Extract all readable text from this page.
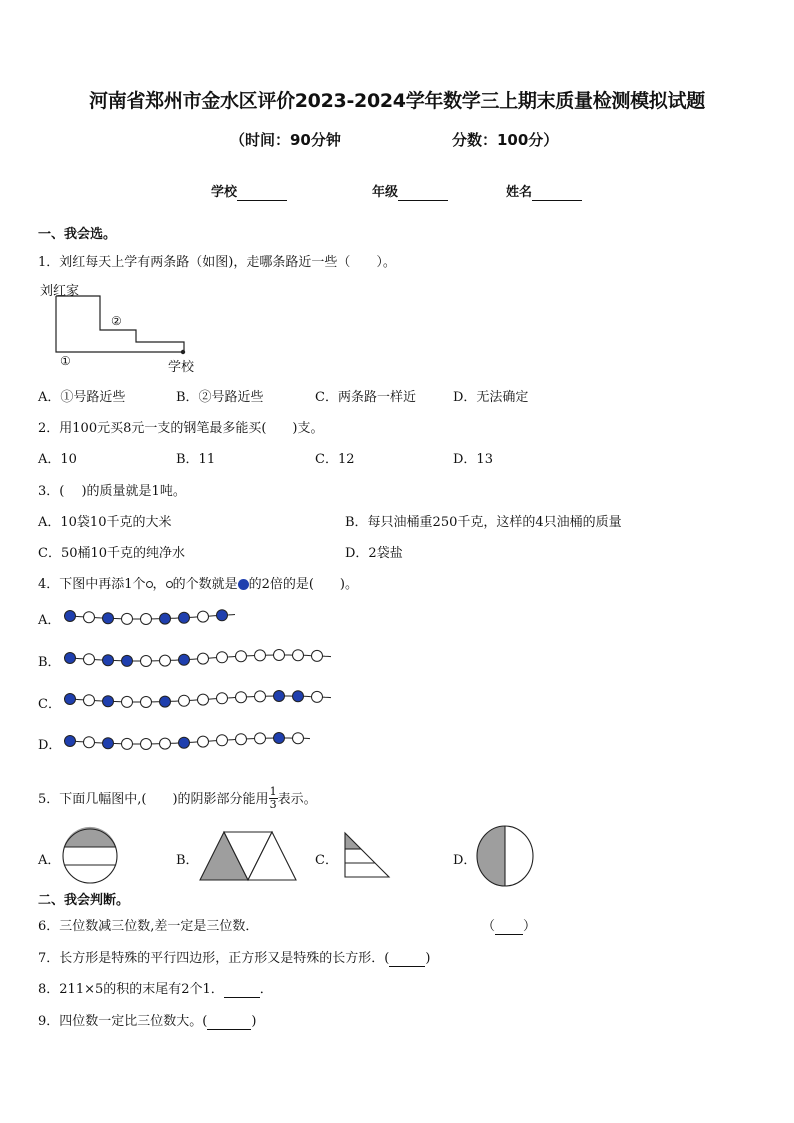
河南省郑州市金水区评价2023-2024学年数学三上期末质量检测模拟试题
（时间：90分钟	分数：100分）
学校	年级	姓名
一、我会选。
1．刘红每天上学有两条路（如图)，走哪条路近一些（　　）。
刘红家
学校
①
②
A．①号路近些	B．②号路近些	C．两条路一样近	D．无法确定
2．用100元买8元一支的钢笔最多能买(　　)支。
A．10	B．11	C．12	D．13
3．(　 )的质量就是1吨。
A．10袋10千克的大米	B．每只油桶重250千克，这样的4只油桶的质量
C．50桶10千克的纯净水	D．2袋盐
4．下图中再添1个 ， 的个数就是 的2倍的是(　　)。
A．
B．
C．
D．
5．下面几幅图中,(　　)的阴影部分能用 $\frac{1}{3}$ 表示。
A．	B．	C．	D．
二、我会判断。
6．三位数减三位数,差一定是三位数．	（ ）
7．长方形是特殊的平行四边形，正方形又是特殊的长方形．(	)
8．211×5的积的末尾有2个1．	．
9．四位数一定比三位数大。(	)
